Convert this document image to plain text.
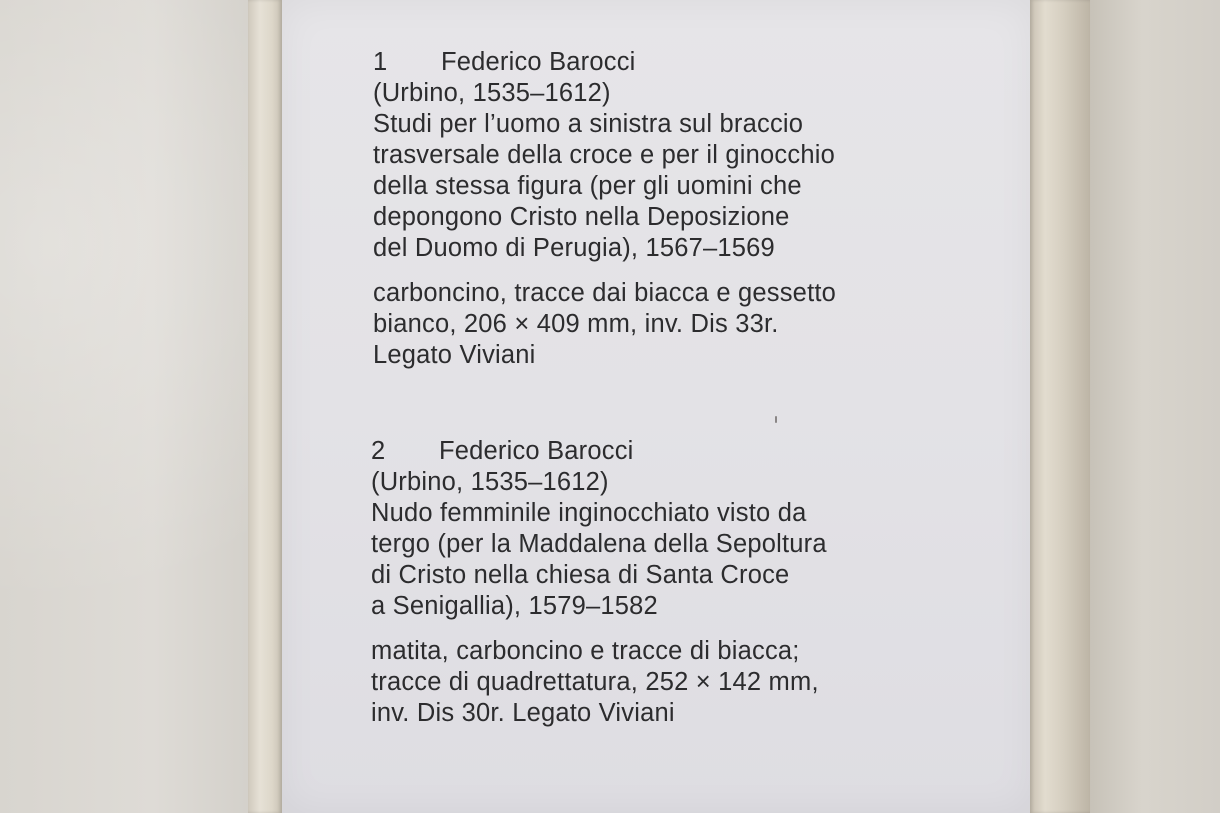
1	Federico Barocci

(Urbino, 1535–1612)

Studi per l’uomo a sinistra sul braccio

trasversale della croce e per il ginocchio

della stessa figura (per gli uomini che

depongono Cristo nella Deposizione

del Duomo di Perugia), 1567–1569

carboncino, tracce dai biacca e gessetto

bianco, 206 × 409 mm, inv. Dis 33r.

Legato Viviani

2	Federico Barocci

(Urbino, 1535–1612)

Nudo femminile inginocchiato visto da

tergo (per la Maddalena della Sepoltura

di Cristo nella chiesa di Santa Croce

a Senigallia), 1579–1582

matita, carboncino e tracce di biacca;

tracce di quadrettatura, 252 × 142 mm,

inv. Dis 30r. Legato Viviani
